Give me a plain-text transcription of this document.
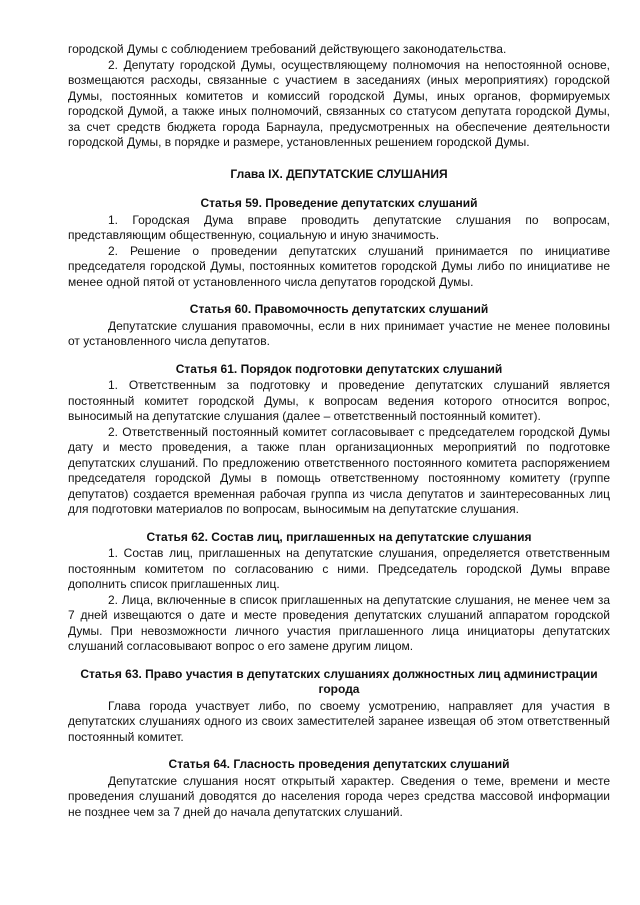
городской Думы с соблюдением требований действующего законодательства.

2. Депутату городской Думы, осуществляющему полномочия на непостоянной основе, возмещаются расходы, связанные с участием в заседаниях (иных мероприятиях) городской Думы, постоянных комитетов и комиссий городской Думы, иных органов, формируемых городской Думой, а также иных полномочий, связанных со статусом депутата городской Думы, за счет средств бюджета города Барнаула, предусмотренных на обеспечение деятельности городской Думы, в порядке и размере, установленных решением городской Думы.

Глава IX. ДЕПУТАТСКИЕ СЛУШАНИЯ
Статья 59. Проведение депутатских слушаний

1. Городская Дума вправе проводить депутатские слушания по вопросам, представляющим общественную, социальную и иную значимость.

2. Решение о проведении депутатских слушаний принимается по инициативе председателя городской Думы, постоянных комитетов городской Думы либо по инициативе не менее одной пятой от установленного числа депутатов городской Думы.

Статья 60. Правомочность депутатских слушаний

Депутатские слушания правомочны, если в них принимает участие не менее половины от установленного числа депутатов.

Статья 61. Порядок подготовки депутатских слушаний

1. Ответственным за подготовку и проведение депутатских слушаний является постоянный комитет городской Думы, к вопросам ведения которого относится вопрос, выносимый на депутатские слушания (далее – ответственный постоянный комитет).

2. Ответственный постоянный комитет согласовывает с председателем городской Думы дату и место проведения, а также план организационных мероприятий по подготовке депутатских слушаний. По предложению ответственного постоянного комитета распоряжением председателя городской Думы в помощь ответственному постоянному комитету (группе депутатов) создается временная рабочая группа из числа депутатов и заинтересованных лиц для подготовки материалов по вопросам, выносимым на депутатские слушания.

Статья 62. Состав лиц, приглашенных на депутатские слушания

1. Состав лиц, приглашенных на депутатские слушания, определяется ответственным постоянным комитетом по согласованию с ними. Председатель городской Думы вправе дополнить список приглашенных лиц.

2. Лица, включенные в список приглашенных на депутатские слушания, не менее чем за 7 дней извещаются о дате и месте проведения депутатских слушаний аппаратом городской Думы. При невозможности личного участия приглашенного лица инициаторы депутатских слушаний согласовывают вопрос о его замене другим лицом.

Статья 63. Право участия в депутатских слушаниях должностных лиц администрации города

Глава города участвует либо, по своему усмотрению, направляет для участия в депутатских слушаниях одного из своих заместителей заранее извещая об этом ответственный постоянный комитет.

Статья 64. Гласность проведения депутатских слушаний

Депутатские слушания носят открытый характер. Сведения о теме, времени и месте проведения слушаний доводятся до населения города через средства массовой информации не позднее чем за 7 дней до начала депутатских слушаний.
